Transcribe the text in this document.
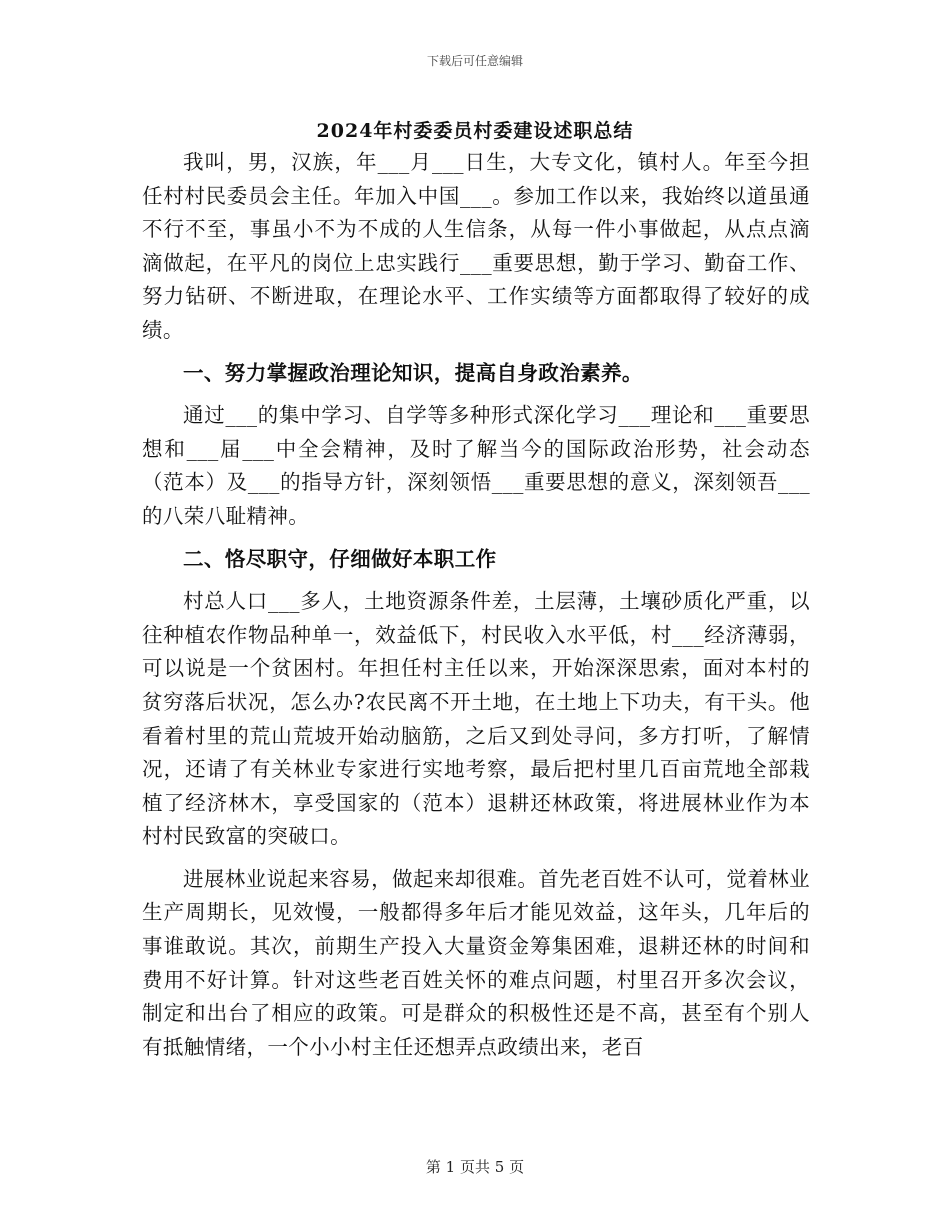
下载后可任意编辑
2024年村委委员村委建设述职总结

我叫，男，汉族，年___月___日生，大专文化，镇村人。年至今担任村村民委员会主任。年加入中国___。参加工作以来，我始终以道虽通不行不至，事虽小不为不成的人生信条，从每一件小事做起，从点点滴滴做起，在平凡的岗位上忠实践行___重要思想，勤于学习、勤奋工作、努力钻研、不断进取，在理论水平、工作实绩等方面都取得了较好的成绩。

一、努力掌握政治理论知识，提高自身政治素养。

通过___的集中学习、自学等多种形式深化学习___理论和___重要思想和___届___中全会精神，及时了解当今的国际政治形势，社会动态（范本）及___的指导方针，深刻领悟___重要思想的意义，深刻领吾___的八荣八耻精神。

二、恪尽职守，仔细做好本职工作

村总人口___多人，土地资源条件差，土层薄，土壤砂质化严重，以往种植农作物品种单一，效益低下，村民收入水平低，村___经济薄弱，可以说是一个贫困村。年担任村主任以来，开始深深思索，面对本村的贫穷落后状况，怎么办?农民离不开土地，在土地上下功夫，有干头。他看着村里的荒山荒坡开始动脑筋，之后又到处寻问，多方打听，了解情况，还请了有关林业专家进行实地考察，最后把村里几百亩荒地全部栽植了经济林木，享受国家的（范本）退耕还林政策，将进展林业作为本村村民致富的突破口。

进展林业说起来容易，做起来却很难。首先老百姓不认可，觉着林业生产周期长，见效慢，一般都得多年后才能见效益，这年头，几年后的事谁敢说。其次，前期生产投入大量资金筹集困难，退耕还林的时间和费用不好计算。针对这些老百姓关怀的难点问题，村里召开多次会议，制定和出台了相应的政策。可是群众的积极性还是不高，甚至有个别人有抵触情绪，一个小小村主任还想弄点政绩出来，老百

第 1 页共 5 页
